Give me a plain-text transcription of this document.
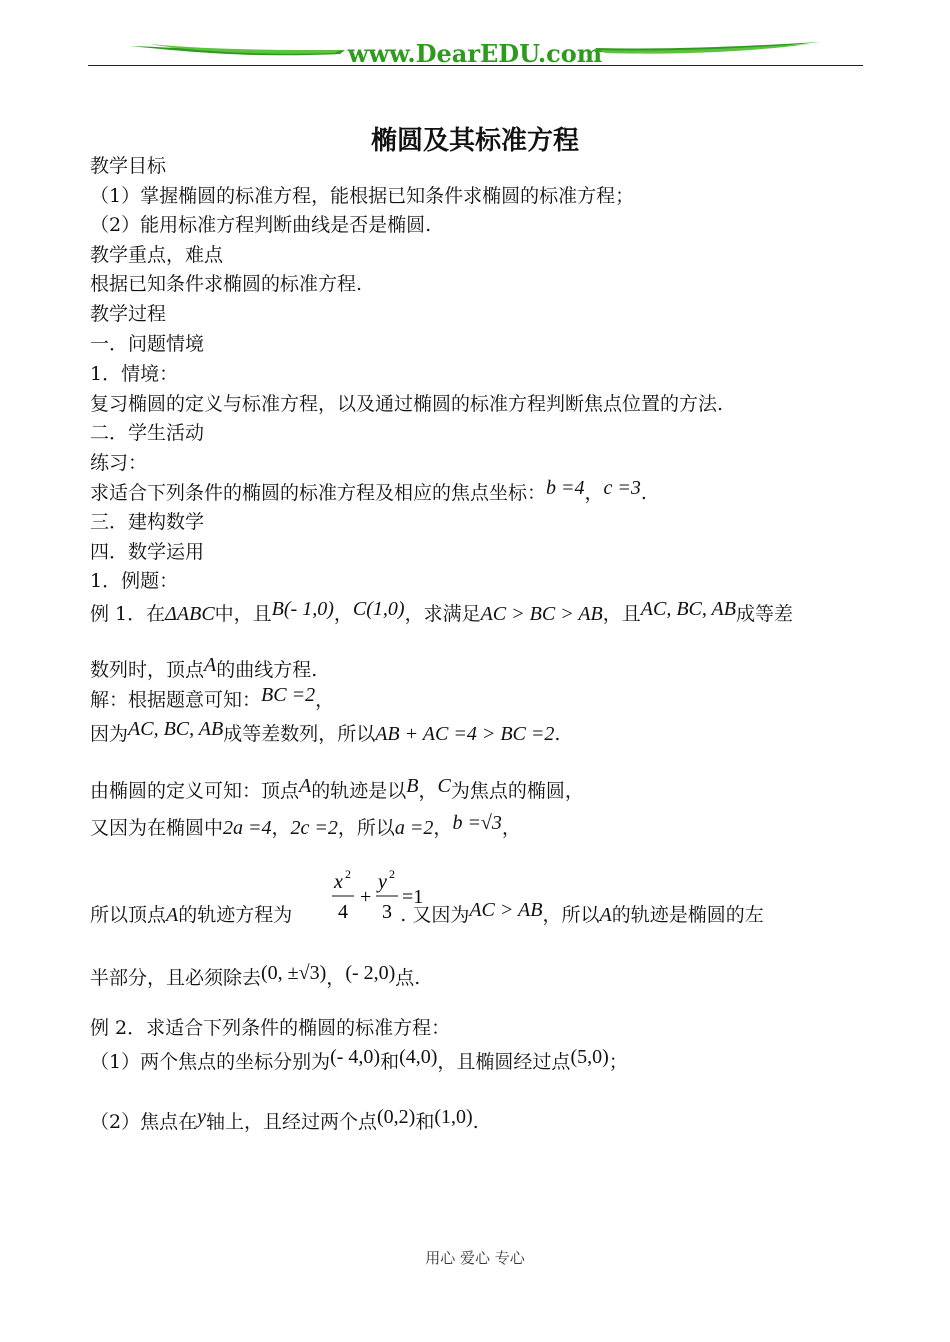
www.DearEDU.com
椭圆及其标准方程
教学目标
（1）掌握椭圆的标准方程，能根据已知条件求椭圆的标准方程；
（2）能用标准方程判断曲线是否是椭圆.
教学重点，难点
根据已知条件求椭圆的标准方程.
教学过程
一．问题情境
1．情境：
复习椭圆的定义与标准方程，以及通过椭圆的标准方程判断焦点位置的方法.
二．学生活动
练习：
求适合下列条件的椭圆的标准方程及相应的焦点坐标：b =4，c =3.
三．建构数学
四．数学运用
1．例题：
例 1．在ΔABC中，且B(- 1,0)，C(1,0)，求满足AC > BC > AB，且AC, BC, AB成等差
数列时，顶点A的曲线方程.
解：根据题意可知：BC =2，
因为AC, BC, AB成等差数列，所以AB + AC =4 > BC =2.
由椭圆的定义可知：顶点A的轨迹是以B，C为焦点的椭圆，
又因为在椭圆中2a =4，2c =2，所以a =2，b =√3，
x 2
4
+
y 2
3
=1
所以顶点A的轨迹方程为	. 又因为AC > AB，所以A的轨迹是椭圆的左
半部分，且必须除去(0, ±√3)，(- 2,0)点.
例 2．求适合下列条件的椭圆的标准方程：
（1）两个焦点的坐标分别为(- 4,0)和(4,0)，且椭圆经过点(5,0)；
（2）焦点在y轴上，且经过两个点(0,2)和(1,0).
用心 爱心 专心
